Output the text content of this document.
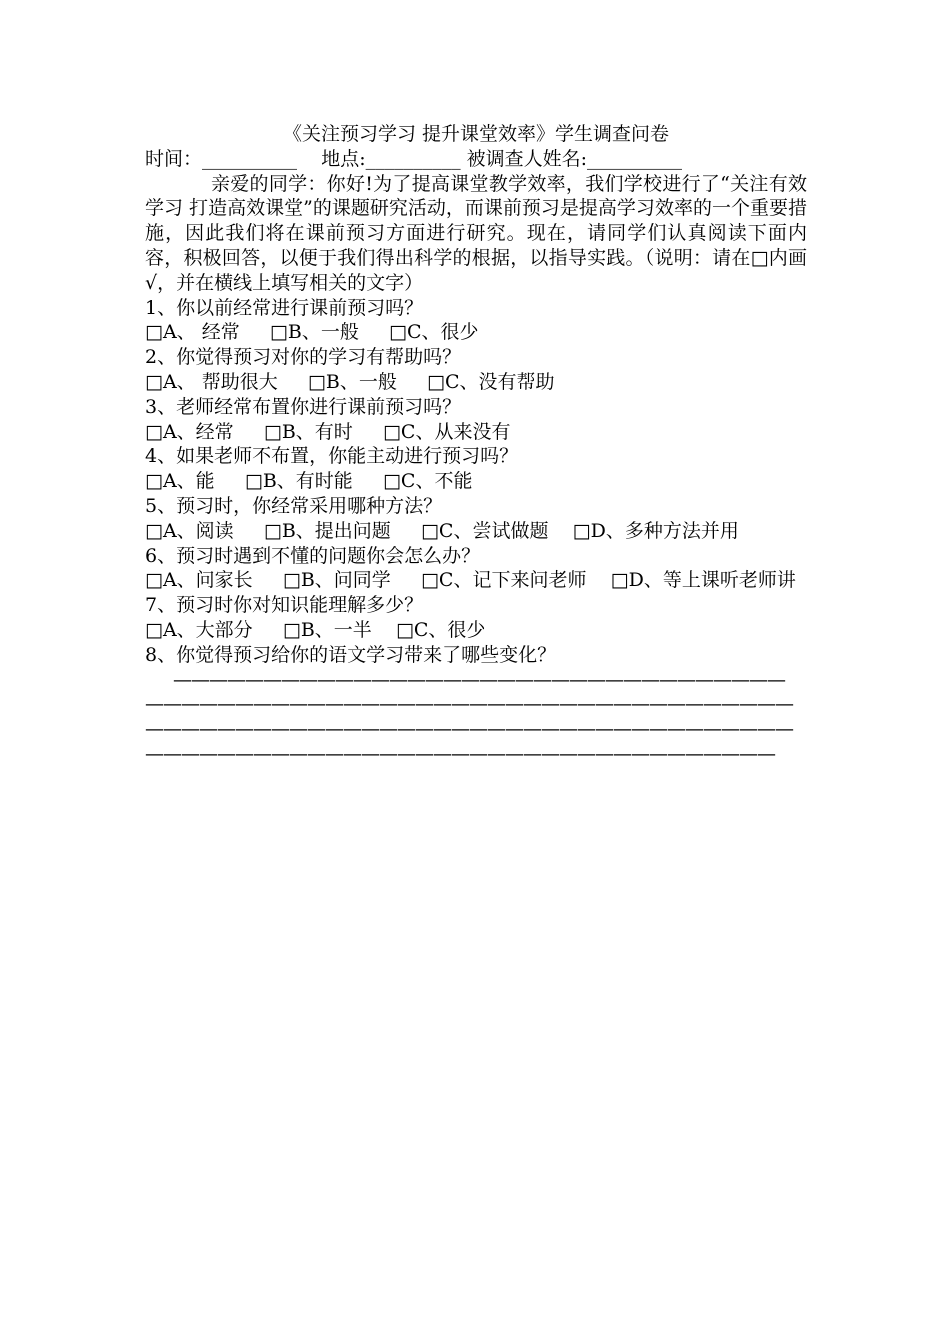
《关注预习学习 提升课堂效率》学生调查问卷
时间：__________ 地点:__________ 被调查人姓名:__________
亲爱的同学：你好!为了提高课堂教学效率，我们学校进行了“关注有效学习 打造高效课堂”的课题研究活动，而课前预习是提高学习效率的一个重要措施，因此我们将在课前预习方面进行研究。现在，请同学们认真阅读下面内容，积极回答，以便于我们得出科学的根据，以指导实践。（说明：请在□内画√，并在横线上填写相关的文字）
1、你以前经常进行课前预习吗？
□A、 经常     □B、一般     □C、很少
2、你觉得预习对你的学习有帮助吗？
□A、 帮助很大     □B、一般     □C、没有帮助
3、老师经常布置你进行课前预习吗？
□A、经常     □B、有时     □C、从来没有
4、如果老师不布置，你能主动进行预习吗？
□A、能     □B、有时能     □C、不能
5、预习时，你经常采用哪种方法？
□A、阅读     □B、提出问题     □C、尝试做题    □D、多种方法并用
6、预习时遇到不懂的问题你会怎么办？
□A、问家长     □B、问同学     □C、记下来问老师    □D、等上课听老师讲
7、预习时你对知识能理解多少？
□A、大部分     □B、一半    □C、很少
8、你觉得预习给你的语文学习带来了哪些变化？
——————————————————————————————————
————————————————————————————————————
————————————————————————————————————
———————————————————————————————————
